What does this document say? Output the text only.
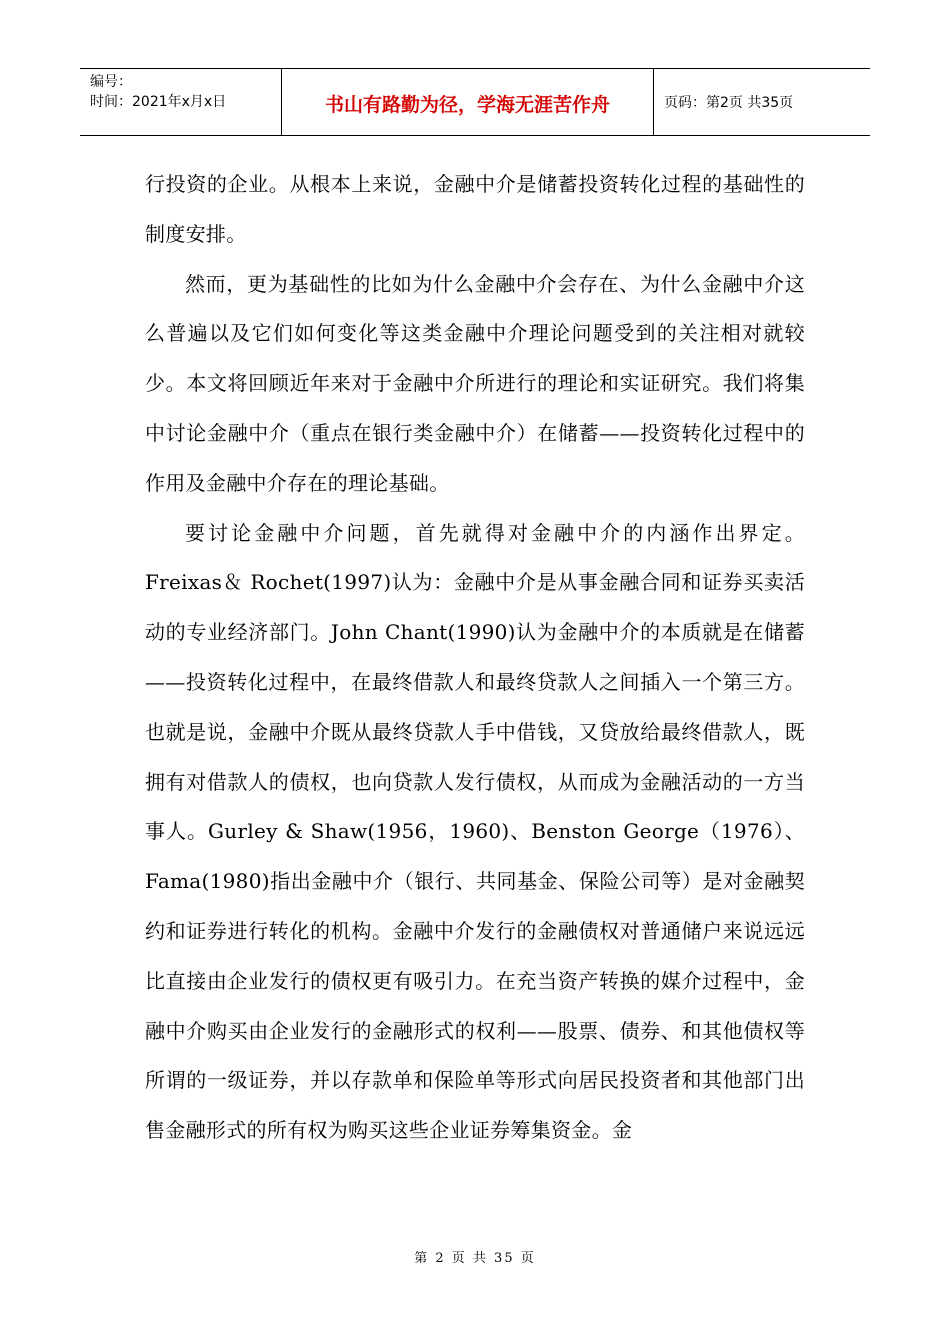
编号：
时间：2021年x月x日	书山有路勤为径，学海无涯苦作舟	页码：第2页 共35页

行投资的企业。从根本上来说，金融中介是储蓄投资转化过程的基础性的制度安排。

然而，更为基础性的比如为什么金融中介会存在、为什么金融中介这么普遍以及它们如何变化等这类金融中介理论问题受到的关注相对就较少。本文将回顾近年来对于金融中介所进行的理论和实证研究。我们将集中讨论金融中介（重点在银行类金融中介）在储蓄——投资转化过程中的作用及金融中介存在的理论基础。

要讨论金融中介问题，首先就得对金融中介的内涵作出界定。Freixas＆ Rochet(1997)认为：金融中介是从事金融合同和证券买卖活动的专业经济部门。John Chant(1990)认为金融中介的本质就是在储蓄——投资转化过程中，在最终借款人和最终贷款人之间插入一个第三方。也就是说，金融中介既从最终贷款人手中借钱，又贷放给最终借款人，既拥有对借款人的债权，也向贷款人发行债权，从而成为金融活动的一方当事人。Gurley & Shaw(1956，1960)、Benston George（1976）、Fama(1980)指出金融中介（银行、共同基金、保险公司等）是对金融契约和证券进行转化的机构。金融中介发行的金融债权对普通储户来说远远比直接由企业发行的债权更有吸引力。在充当资产转换的媒介过程中，金融中介购买由企业发行的金融形式的权利——股票、债券、和其他债权等所谓的一级证券，并以存款单和保险单等形式向居民投资者和其他部门出售金融形式的所有权为购买这些企业证券筹集资金。金

第 2 页 共 35 页
